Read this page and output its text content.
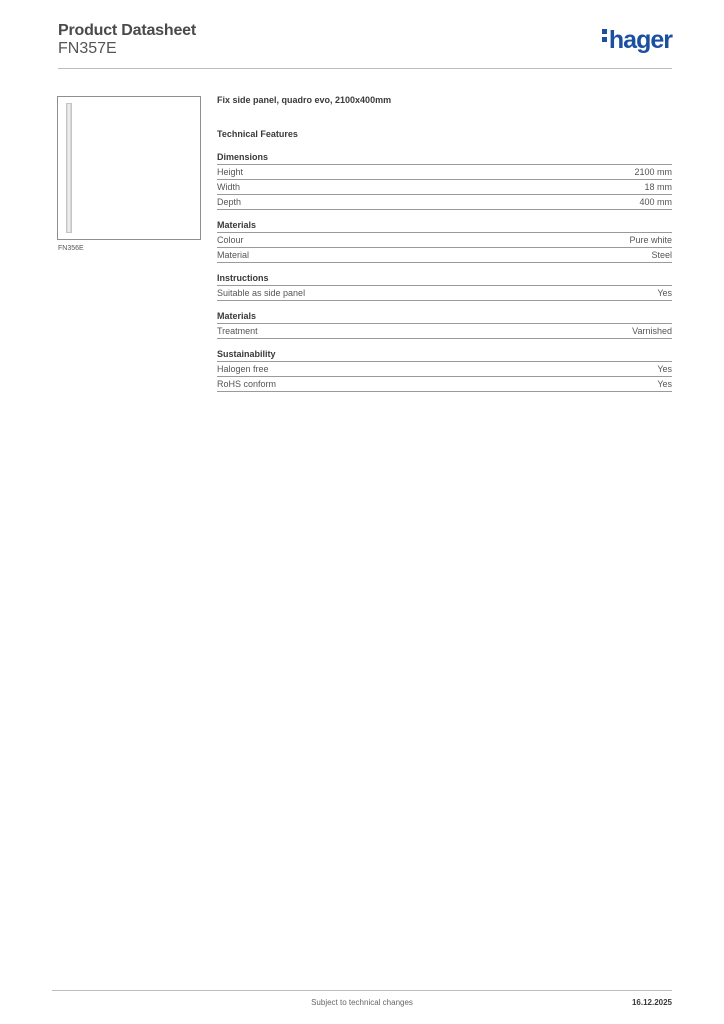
Product Datasheet
FN357E	hager
FN356E
Fix side panel, quadro evo, 2100x400mm
Technical Features
Dimensions
Height	2100 mm
Width	18 mm
Depth	400 mm
Materials
Colour	Pure white
Material	Steel
Instructions
Suitable as side panel	Yes
Materials
Treatment	Varnished
Sustainability
Halogen free	Yes
RoHS conform	Yes
Subject to technical changes	16.12.2025
